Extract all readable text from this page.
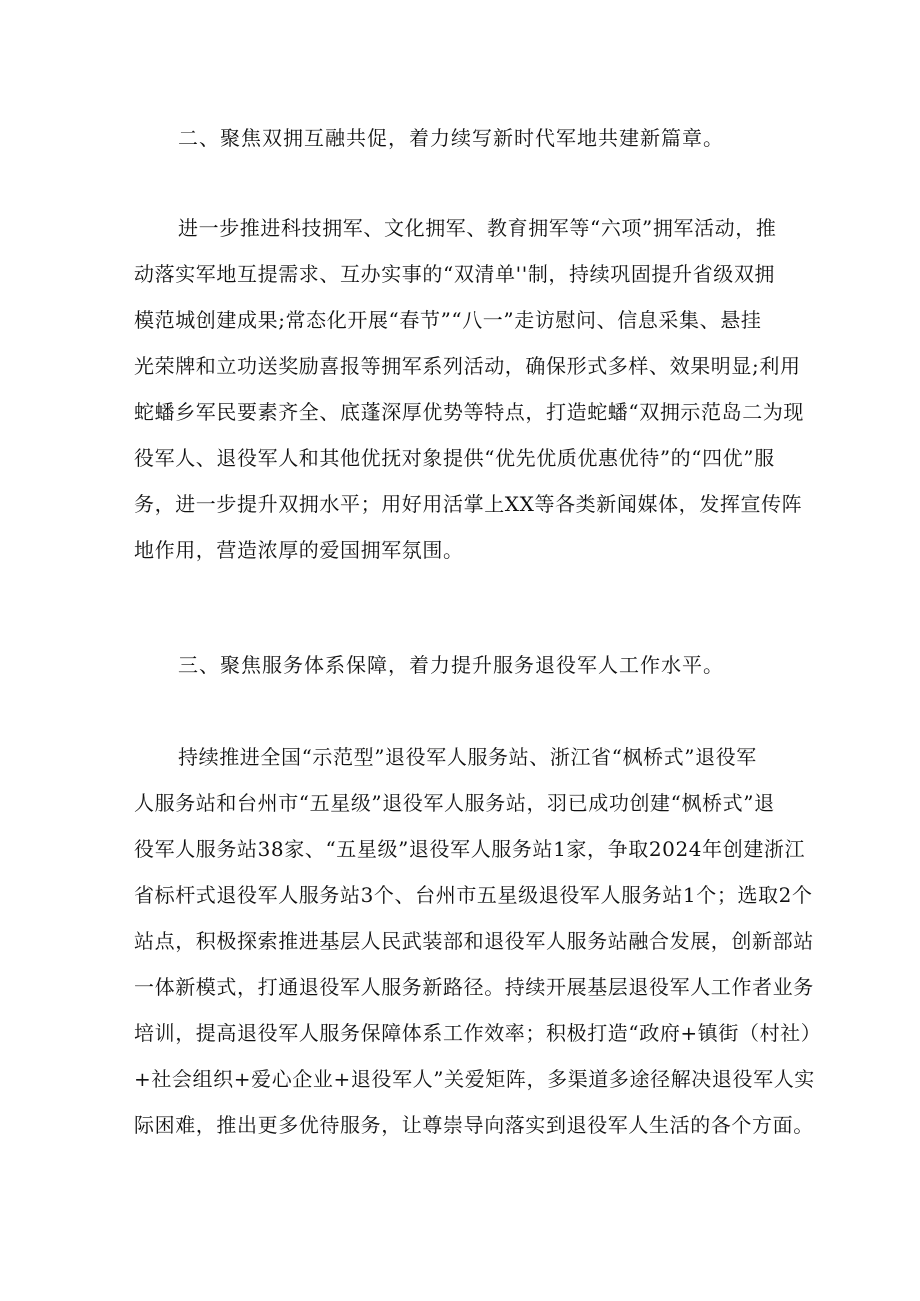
二、聚焦双拥互融共促，着力续写新时代军地共建新篇章。
进一步推进科技拥军、文化拥军、教育拥军等“六项”拥军活动，推
动落实军地互提需求、互办实事的“双清单''制，持续巩固提升省级双拥
模范城创建成果;常态化开展“春节”“八一”走访慰问、信息采集、悬挂
光荣牌和立功送奖励喜报等拥军系列活动，确保形式多样、效果明显;利用
蛇蟠乡军民要素齐全、底蓬深厚优势等特点，打造蛇蟠“双拥示范岛二为现
役军人、退役军人和其他优抚对象提供“优先优质优惠优待”的“四优”服
务，进一步提升双拥水平；用好用活掌上XX等各类新闻媒体，发挥宣传阵
地作用，营造浓厚的爱国拥军氛围。
三、聚焦服务体系保障，着力提升服务退役军人工作水平。
持续推进全国“示范型”退役军人服务站、浙江省“枫桥式”退役军
人服务站和台州市“五星级”退役军人服务站，羽已成功创建“枫桥式”退
役军人服务站38家、“五星级”退役军人服务站1家，争取2024年创建浙江
省标杆式退役军人服务站3个、台州市五星级退役军人服务站1个；选取2个
站点，积极探索推进基层人民武装部和退役军人服务站融合发展，创新部站
一体新模式，打通退役军人服务新路径。持续开展基层退役军人工作者业务
培训，提高退役军人服务保障体系工作效率；积极打造“政府+镇街（村社）
+社会组织+爱心企业+退役军人”关爱矩阵，多渠道多途径解决退役军人实
际困难，推出更多优待服务，让尊崇导向落实到退役军人生活的各个方面。
